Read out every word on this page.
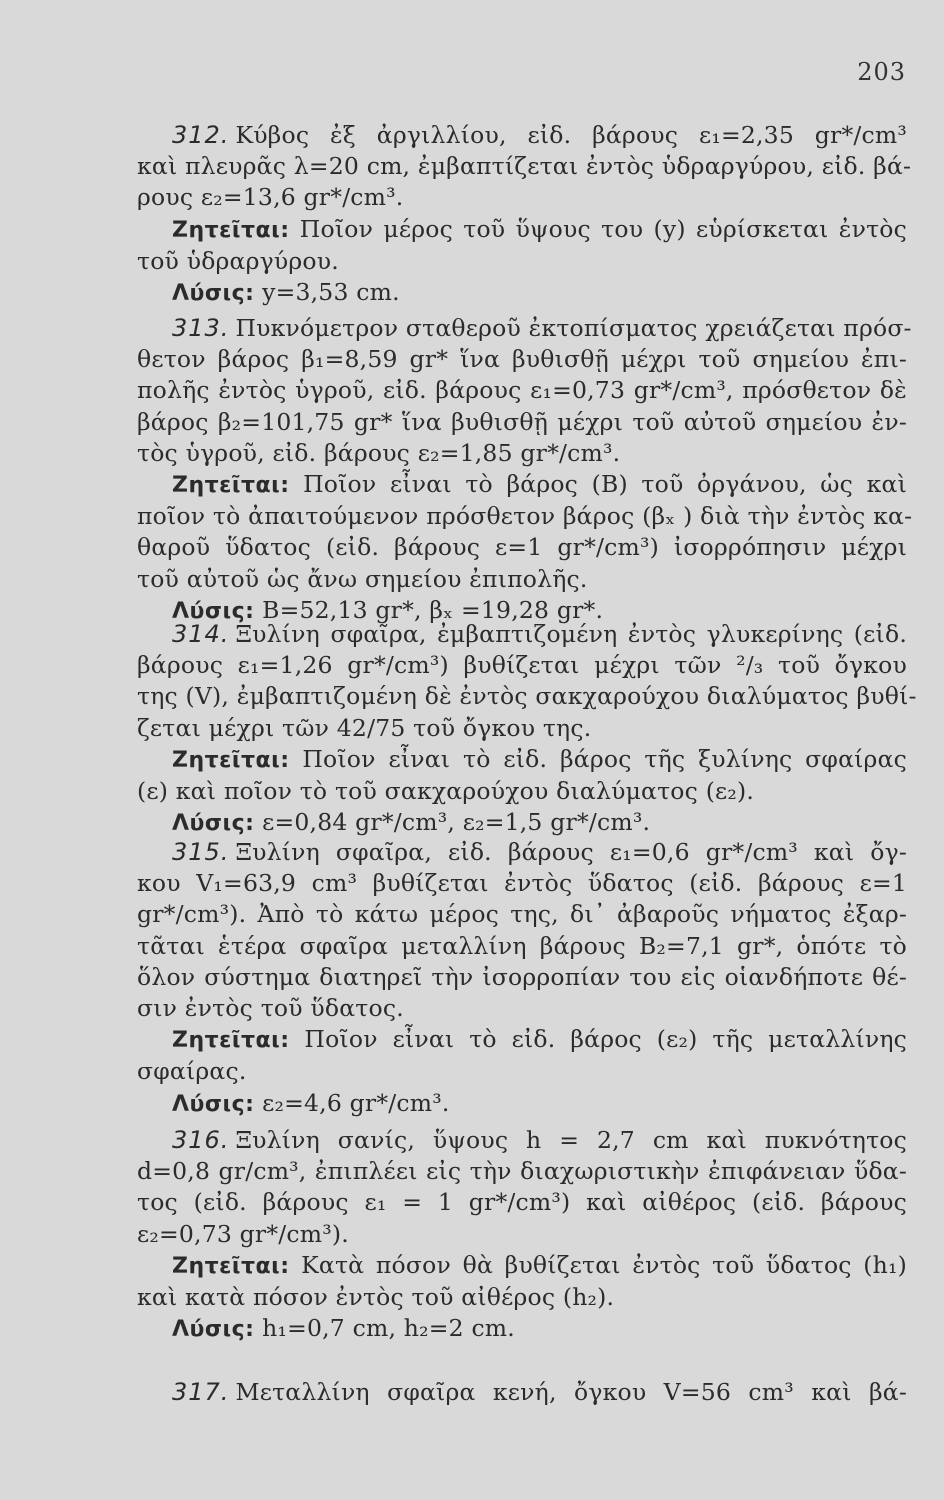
203
312. Κύβος ἐξ ἀργιλλίου, εἰδ. βάρους ε₁=2,35 gr*/cm³
καὶ πλευρᾶς λ=20 cm, ἐμβαπτίζεται ἐντὸς ὑδραργύρου, εἰδ. βά-
ρους ε₂=13,6 gr*/cm³.
Ζητεῖται: Ποῖον μέρος τοῦ ὕψους του (y) εὑρίσκεται ἐντὸς
τοῦ ὑδραργύρου.
Λύσις: y=3,53 cm.
313. Πυκνόμετρον σταθεροῦ ἐκτοπίσματος χρειάζεται πρόσ-
θετον βάρος β₁=8,59 gr* ἵνα βυθισθῇ μέχρι τοῦ σημείου ἐπι-
πολῆς ἐντὸς ὑγροῦ, εἰδ. βάρους ε₁=0,73 gr*/cm³, πρόσθετον δὲ
βάρος β₂=101,75 gr* ἵνα βυθισθῇ μέχρι τοῦ αὐτοῦ σημείου ἐν-
τὸς ὑγροῦ, εἰδ. βάρους ε₂=1,85 gr*/cm³.
Ζητεῖται: Ποῖον εἶναι τὸ βάρος (Β) τοῦ ὀργάνου, ὡς καὶ
ποῖον τὸ ἀπαιτούμενον πρόσθετον βάρος (βₓ ) διὰ τὴν ἐντὸς κα-
θαροῦ ὕδατος (εἰδ. βάρους ε=1 gr*/cm³) ἰσορρόπησιν μέχρι
τοῦ αὐτοῦ ὡς ἄνω σημείου ἐπιπολῆς.
Λύσις: Β=52,13 gr*, βₓ =19,28 gr*.
314. Ξυλίνη σφαῖρα, ἐμβαπτιζομένη ἐντὸς γλυκερίνης (εἰδ.
βάρους ε₁=1,26 gr*/cm³) βυθίζεται μέχρι τῶν ²/₃ τοῦ ὄγκου
της (V), ἐμβαπτιζομένη δὲ ἐντὸς σακχαρούχου διαλύματος βυθί-
ζεται μέχρι τῶν 42/75 τοῦ ὄγκου της.
Ζητεῖται: Ποῖον εἶναι τὸ εἰδ. βάρος τῆς ξυλίνης σφαίρας
(ε) καὶ ποῖον τὸ τοῦ σακχαρούχου διαλύματος (ε₂).
Λύσις: ε=0,84 gr*/cm³, ε₂=1,5 gr*/cm³.
315. Ξυλίνη σφαῖρα, εἰδ. βάρους ε₁=0,6 gr*/cm³ καὶ ὄγ-
κου V₁=63,9 cm³ βυθίζεται ἐντὸς ὕδατος (εἰδ. βάρους ε=1
gr*/cm³). Ἀπὸ τὸ κάτω μέρος της, δι᾽ ἀβαροῦς νήματος ἐξαρ-
τᾶται ἑτέρα σφαῖρα μεταλλίνη βάρους Β₂=7,1 gr*, ὁπότε τὸ
ὅλον σύστημα διατηρεῖ τὴν ἰσορροπίαν του εἰς οἱανδήποτε θέ-
σιν ἐντὸς τοῦ ὕδατος.
Ζητεῖται: Ποῖον εἶναι τὸ εἰδ. βάρος (ε₂) τῆς μεταλλίνης
σφαίρας.
Λύσις: ε₂=4,6 gr*/cm³.
316. Ξυλίνη σανίς, ὕψους h = 2,7 cm καὶ πυκνότητος
d=0,8 gr/cm³, ἐπιπλέει εἰς τὴν διαχωριστικὴν ἐπιφάνειαν ὕδα-
τος (εἰδ. βάρους ε₁ = 1 gr*/cm³) καὶ αἰθέρος (εἰδ. βάρους
ε₂=0,73 gr*/cm³).
Ζητεῖται: Κατὰ πόσον θὰ βυθίζεται ἐντὸς τοῦ ὕδατος (h₁)
καὶ κατὰ πόσον ἐντὸς τοῦ αἰθέρος (h₂).
Λύσις: h₁=0,7 cm, h₂=2 cm.
317. Μεταλλίνη σφαῖρα κενή, ὄγκου V=56 cm³ καὶ βά-
